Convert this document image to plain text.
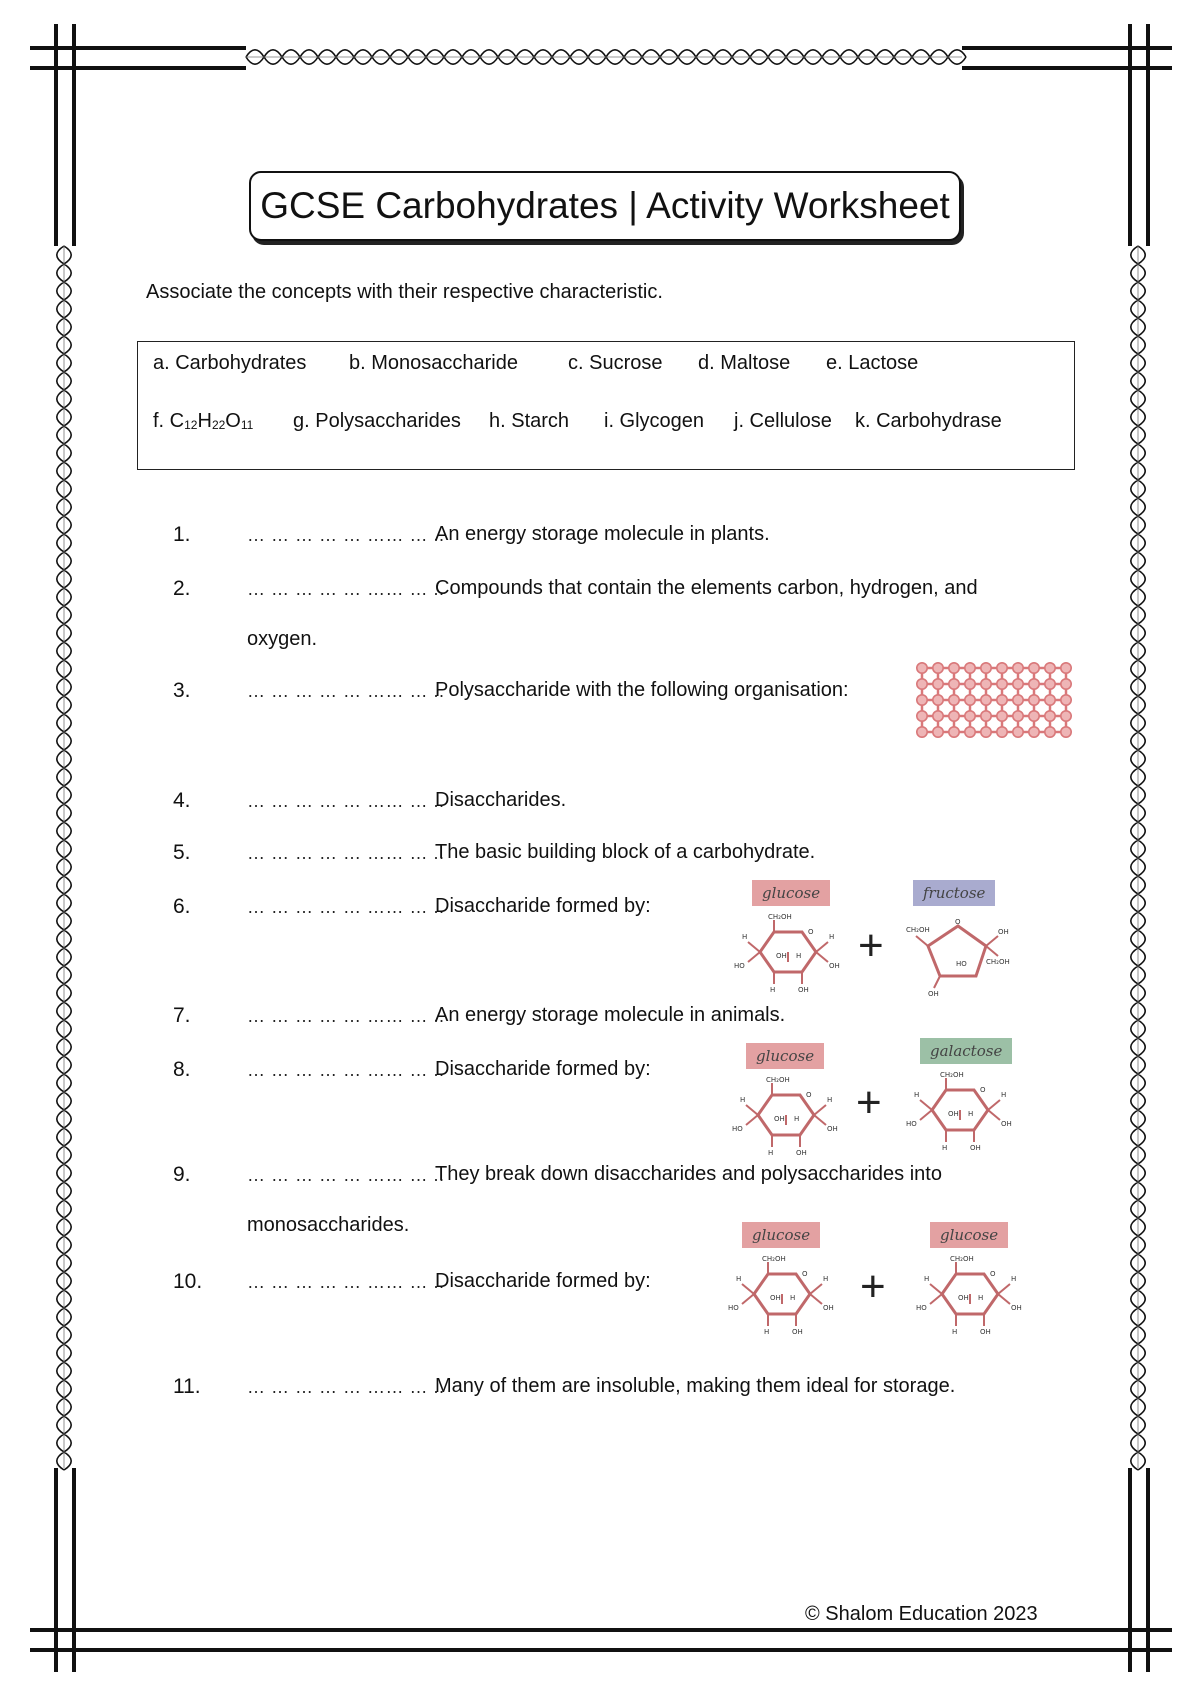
GCSE Carbohydrates | Activity Worksheet
Associate the concepts with their respective characteristic.
a. Carbohydrates b. Monosaccharide	c. Sucrose d. Maltose e. Lactose
f. $C_{12}H_{22}O_{11}$ g. Polysaccharides h. Starch i. Glycogen j. Cellulose k. Carbohydrase
1.	… … … … … …… … ..
An energy storage molecule in plants.
2.	… … … … … …… … ..
Compounds that contain the elements carbon, hydrogen, and
oxygen.
3.	… … … … … …… … ..
Polysaccharide with the following organisation:
4.	… … … … … …… … ..
Disaccharides.
5.	… … … … … …… … ..
The basic building block of a carbohydrate.
6.	… … … … … …… … ..
Disaccharide formed by:
7.	… … … … … …… … ..
An energy storage molecule in animals.
8.	… … … … … …… … ..
Disaccharide formed by:
9.	… … … … … …… … ..
They break down disaccharides and polysaccharides into
monosaccharides.
10. … … … … … …… … ..
Disaccharide formed by:
11.	… … … … … …… … ..
Many of them are insoluble, making them ideal for storage.
glucose
CH₂OH
O
H
HO
H
OH
H	OH
OH H +
fructose
CH₂OH
O
OH
CH₂OH
HO
OH
glucose
CH₂OH
O
H
HO
H
OH
H	OH
OH H +
galactose
CH₂OH
O
H
HO
H
OH
H	OH
OH H
glucose
CH₂OH
O
H
HO
H
OH
H	OH
OH H +
glucose
CH₂OH
O
H
HO
H
OH
H	OH
OH H
© Shalom Education 2023
